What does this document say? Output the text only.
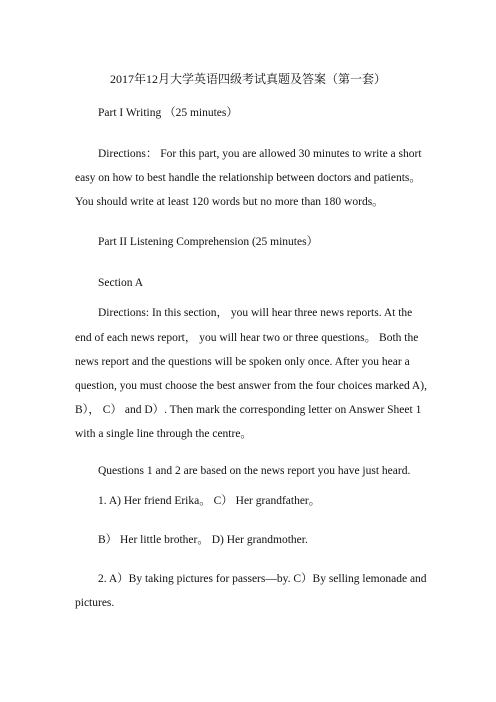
2017年12月大学英语四级考试真题及答案（第一套）
Part I Writing （25 minutes）
Directions： For this part, you are allowed 30 minutes to write a short
easy on how to best handle the relationship between doctors and patients。
You should write at least 120 words but no more than 180 words。
Part II Listening Comprehension (25 minutes）
Section A
Directions: In this section， you will hear three news reports. At the
end of each news report， you will hear two or three questions。 Both the
news report and the questions will be spoken only once. After you hear a
question, you must choose the best answer from the four choices marked A),
B）， C） and D）. Then mark the corresponding letter on Answer Sheet 1
with a single line through the centre。
Questions 1 and 2 are based on the news report you have just heard.
1. A) Her friend Erika。 C） Her grandfather。
B） Her little brother。 D) Her grandmother.
2. A）By taking pictures for passers—by. C）By selling lemonade and
pictures.
